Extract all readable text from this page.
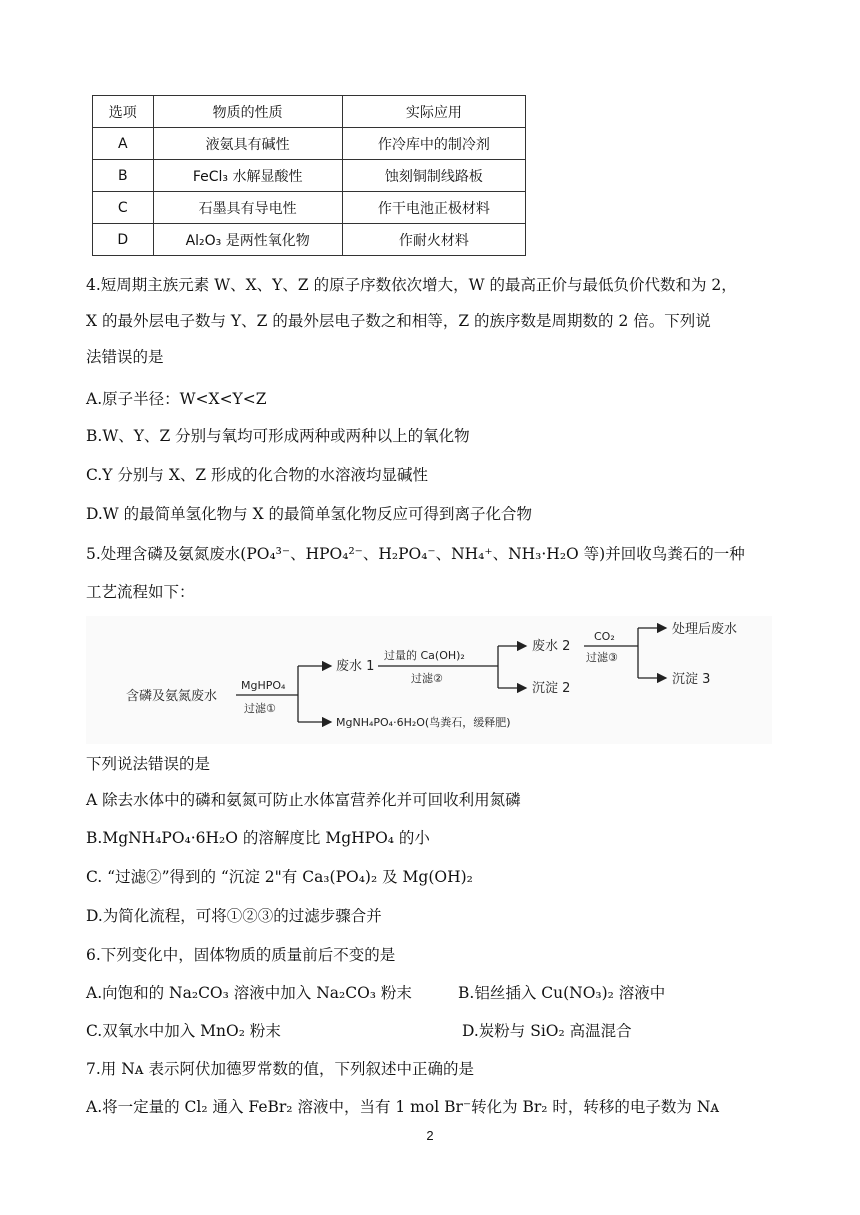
选项	物质的性质	实际应用
A	液氨具有碱性	作冷库中的制冷剂
B	FeCl₃ 水解显酸性	蚀刻铜制线路板
C	石墨具有导电性	作干电池正极材料
D	Al₂O₃ 是两性氧化物	作耐火材料
4.短周期主族元素 W、X、Y、Z 的原子序数依次增大，W 的最高正价与最低负价代数和为 2，
X 的最外层电子数与 Y、Z 的最外层电子数之和相等，Z 的族序数是周期数的 2 倍。下列说
法错误的是
A.原子半径：W<X<Y<Z
B.W、Y、Z 分别与氧均可形成两种或两种以上的氧化物
C.Y 分别与 X、Z 形成的化合物的水溶液均显碱性
D.W 的最简单氢化物与 X 的最简单氢化物反应可得到离子化合物
5.处理含磷及氨氮废水(PO₄³⁻、HPO₄²⁻、H₂PO₄⁻、NH₄⁺、NH₃·H₂O 等)并回收鸟粪石的一种
工艺流程如下：
含磷及氨氮废水
MgHPO₄
过滤①
废水 1
MgNH₄PO₄·6H₂O(鸟粪石，缓释肥)
过量的 Ca(OH)₂
过滤②
废水 2
沉淀 2
CO₂
过滤③
处理后废水
沉淀 3
下列说法错误的是
A 除去水体中的磷和氨氮可防止水体富营养化并可回收利用氮磷
B.MgNH₄PO₄·6H₂O 的溶解度比 MgHPO₄ 的小
C. “过滤②”得到的 “沉淀 2"有 Ca₃(PO₄)₂ 及 Mg(OH)₂
D.为简化流程，可将①②③的过滤步骤合并
6.下列变化中，固体物质的质量前后不变的是
A.向饱和的 Na₂CO₃ 溶液中加入 Na₂CO₃ 粉末	B.铝丝插入 Cu(NO₃)₂ 溶液中
C.双氧水中加入 MnO₂ 粉末	D.炭粉与 SiO₂ 高温混合
7.用 Nᴀ 表示阿伏加德罗常数的值，下列叙述中正确的是
A.将一定量的 Cl₂ 通入 FeBr₂ 溶液中，当有 1 mol Br⁻转化为 Br₂ 时，转移的电子数为 Nᴀ
2
